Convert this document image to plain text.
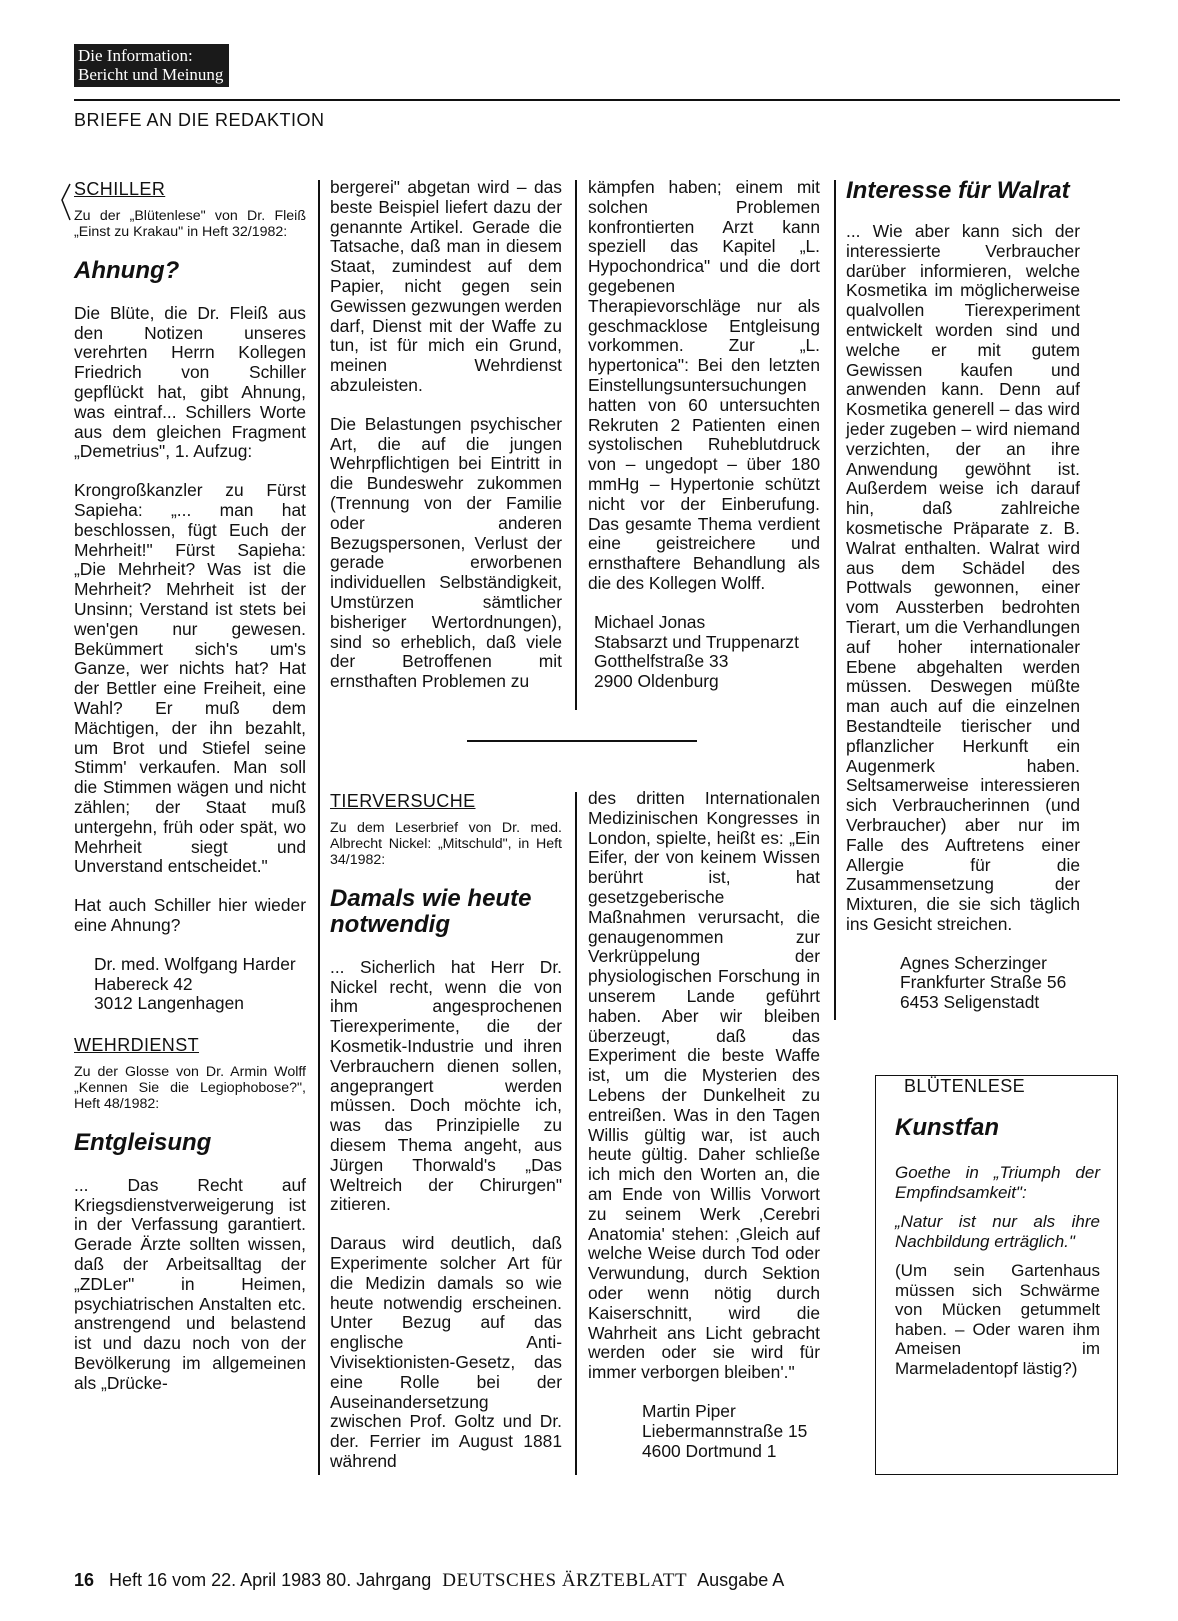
Die Information:
Bericht und Meinung
BRIEFE AN DIE REDAKTION
SCHILLER
Zu der „Blütenlese" von Dr. Fleiß „Einst zu Krakau" in Heft 32/1982:
Ahnung?

Die Blüte, die Dr. Fleiß aus den Notizen unseres verehrten Herrn Kollegen Friedrich von Schiller gepflückt hat, gibt Ahnung, was eintraf... Schillers Worte aus dem gleichen Fragment „Demetrius", 1. Aufzug:

Krongroßkanzler zu Fürst Sapieha: „... man hat beschlossen, fügt Euch der Mehrheit!" Fürst Sapieha: „Die Mehrheit? Was ist die Mehrheit? Mehrheit ist der Unsinn; Verstand ist stets bei wen'gen nur gewesen. Bekümmert sich's um's Ganze, wer nichts hat? Hat der Bettler eine Freiheit, eine Wahl? Er muß dem Mächtigen, der ihn bezahlt, um Brot und Stiefel seine Stimm' verkaufen. Man soll die Stimmen wägen und nicht zählen; der Staat muß untergehn, früh oder spät, wo Mehrheit siegt und Unverstand entscheidet."

Hat auch Schiller hier wieder eine Ahnung?

Dr. med. Wolfgang Harder
Habereck 42
3012 Langenhagen
WEHRDIENST
Zu der Glosse von Dr. Armin Wolff „Kennen Sie die Legiophobose?", Heft 48/1982:
Entgleisung

... Das Recht auf Kriegsdienstverweigerung ist in der Verfassung garantiert. Gerade Ärzte sollten wissen, daß der Arbeitsalltag der „ZDLer" in Heimen, psychiatrischen Anstalten etc. anstrengend und belastend ist und dazu noch von der Bevölkerung im allgemeinen als „Drücke-

bergerei" abgetan wird – das beste Beispiel liefert dazu der genannte Artikel. Gerade die Tatsache, daß man in diesem Staat, zumindest auf dem Papier, nicht gegen sein Gewissen gezwungen werden darf, Dienst mit der Waffe zu tun, ist für mich ein Grund, meinen Wehrdienst abzuleisten.

Die Belastungen psychischer Art, die auf die jungen Wehrpflichtigen bei Eintritt in die Bundeswehr zukommen (Trennung von der Familie oder anderen Bezugspersonen, Verlust der gerade erworbenen individuellen Selbständigkeit, Umstürzen sämtlicher bisheriger Wertordnungen), sind so erheblich, daß viele der Betroffenen mit ernsthaften Problemen zu

kämpfen haben; einem mit solchen Problemen konfrontierten Arzt kann speziell das Kapitel „L. Hypochondrica" und die dort gegebenen Therapievorschläge nur als geschmacklose Entgleisung vorkommen. Zur „L. hypertonica": Bei den letzten Einstellungsuntersuchungen hatten von 60 untersuchten Rekruten 2 Patienten einen systolischen Ruheblutdruck von – ungedopt – über 180 mmHg – Hypertonie schützt nicht vor der Einberufung. Das gesamte Thema verdient eine geistreichere und ernsthaftere Behandlung als die des Kollegen Wolff.

Michael Jonas
Stabsarzt und Truppenarzt
Gotthelfstraße 33
2900 Oldenburg
TIERVERSUCHE
Zu dem Leserbrief von Dr. med. Albrecht Nickel: „Mitschuld", in Heft 34/1982:
Damals wie heute notwendig

... Sicherlich hat Herr Dr. Nickel recht, wenn die von ihm angesprochenen Tierexperimente, die der Kosmetik-Industrie und ihren Verbrauchern dienen sollen, angeprangert werden müssen. Doch möchte ich, was das Prinzipielle zu diesem Thema angeht, aus Jürgen Thorwald's „Das Weltreich der Chirurgen" zitieren.

Daraus wird deutlich, daß Experimente solcher Art für die Medizin damals so wie heute notwendig erscheinen. Unter Bezug auf das englische Anti-Vivisektionisten-Gesetz, das eine Rolle bei der Auseinandersetzung zwischen Prof. Goltz und Dr. der. Ferrier im August 1881 während

des dritten Internationalen Medizinischen Kongresses in London, spielte, heißt es: „Ein Eifer, der von keinem Wissen berührt ist, hat gesetzgeberische Maßnahmen verursacht, die genaugenommen zur Verkrüppelung der physiologischen Forschung in unserem Lande geführt haben. Aber wir bleiben überzeugt, daß das Experiment die beste Waffe ist, um die Mysterien des Lebens der Dunkelheit zu entreißen. Was in den Tagen Willis gültig war, ist auch heute gültig. Daher schließe ich mich den Worten an, die am Ende von Willis Vorwort zu seinem Werk ‚Cerebri Anatomia' stehen: ‚Gleich auf welche Weise durch Tod oder Verwundung, durch Sektion oder wenn nötig durch Kaiserschnitt, wird die Wahrheit ans Licht gebracht werden oder sie wird für immer verborgen bleiben'."

Martin Piper
Liebermannstraße 15
4600 Dortmund 1
Interesse für Walrat

... Wie aber kann sich der interessierte Verbraucher darüber informieren, welche Kosmetika im möglicherweise qualvollen Tierexperiment entwickelt worden sind und welche er mit gutem Gewissen kaufen und anwenden kann. Denn auf Kosmetika generell – das wird jeder zugeben – wird niemand verzichten, der an ihre Anwendung gewöhnt ist. Außerdem weise ich darauf hin, daß zahlreiche kosmetische Präparate z. B. Walrat enthalten. Walrat wird aus dem Schädel des Pottwals gewonnen, einer vom Aussterben bedrohten Tierart, um die Verhandlungen auf hoher internationaler Ebene abgehalten werden müssen. Deswegen müßte man auch auf die einzelnen Bestandteile tierischer und pflanzlicher Herkunft ein Augenmerk haben. Seltsamerweise interessieren sich Verbraucherinnen (und Verbraucher) aber nur im Falle des Auftretens einer Allergie für die Zusammensetzung der Mixturen, die sie sich täglich ins Gesicht streichen.

Agnes Scherzinger
Frankfurter Straße 56
6453 Seligenstadt
BLÜTENLESE
Kunstfan
Goethe in „Triumph der Empfindsamkeit":
„Natur ist nur als ihre Nachbildung erträglich."
(Um sein Gartenhaus müssen sich Schwärme von Mücken getummelt haben. – Oder waren ihm Ameisen im Marmeladentopf lästig?)
16 Heft 16 vom 22. April 1983 80. Jahrgang DEUTSCHES ÄRZTEBLATT Ausgabe A
